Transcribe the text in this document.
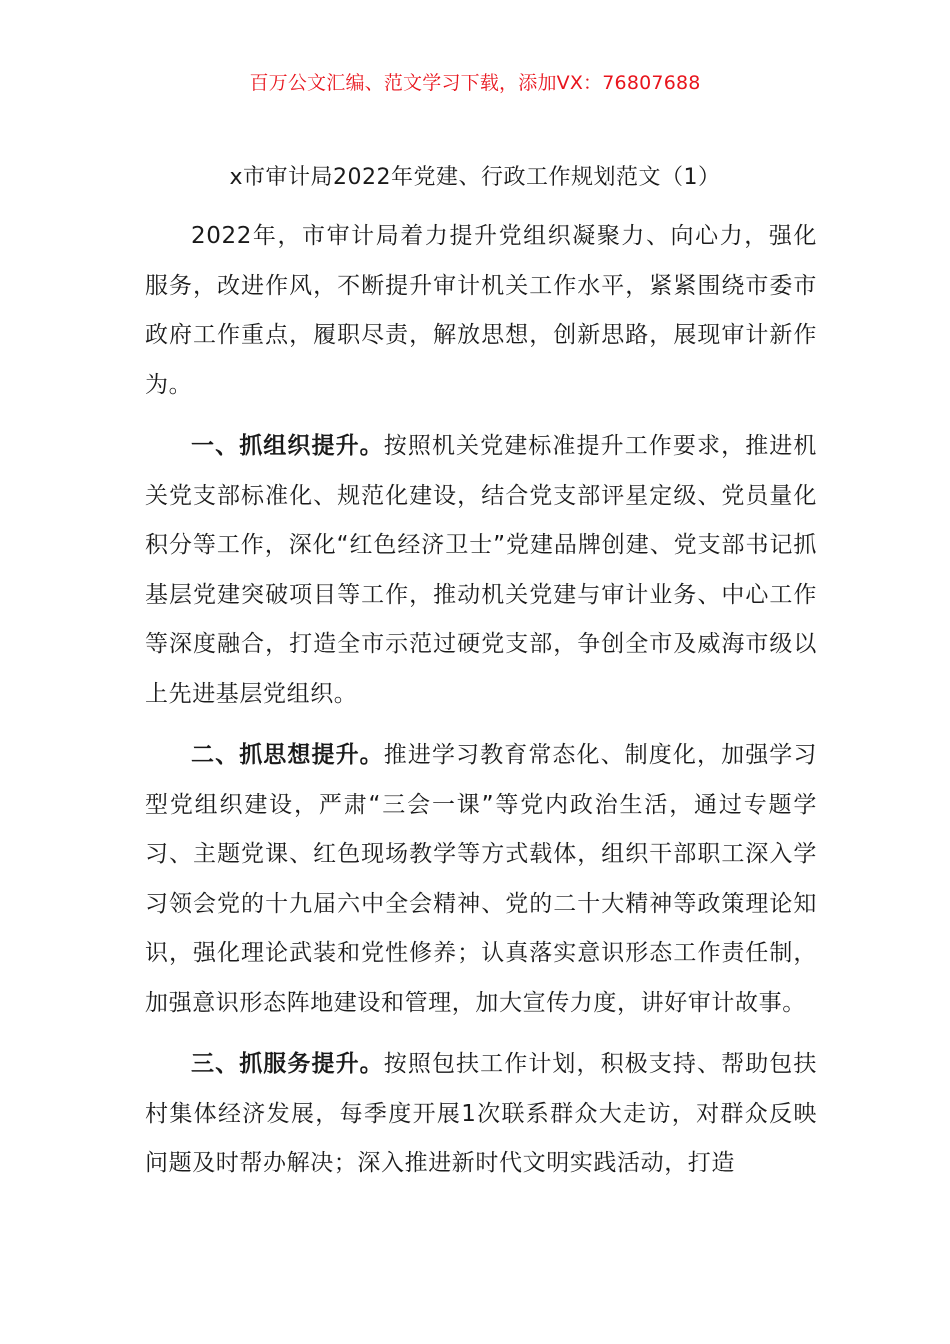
百万公文汇编、范文学习下载，添加VX：76807688
x市审计局2022年党建、行政工作规划范文（1）

2022年，市审计局着力提升党组织凝聚力、向心力，强化服务，改进作风，不断提升审计机关工作水平，紧紧围绕市委市政府工作重点，履职尽责，解放思想，创新思路，展现审计新作为。

一、抓组织提升。按照机关党建标准提升工作要求，推进机关党支部标准化、规范化建设，结合党支部评星定级、党员量化积分等工作，深化“红色经济卫士”党建品牌创建、党支部书记抓基层党建突破项目等工作，推动机关党建与审计业务、中心工作等深度融合，打造全市示范过硬党支部，争创全市及威海市级以上先进基层党组织。

二、抓思想提升。推进学习教育常态化、制度化，加强学习型党组织建设，严肃“三会一课”等党内政治生活，通过专题学习、主题党课、红色现场教学等方式载体，组织干部职工深入学习领会党的十九届六中全会精神、党的二十大精神等政策理论知识，强化理论武装和党性修养；认真落实意识形态工作责任制，加强意识形态阵地建设和管理，加大宣传力度，讲好审计故事。

三、抓服务提升。按照包扶工作计划，积极支持、帮助包扶村集体经济发展，每季度开展1次联系群众大走访，对群众反映问题及时帮办解决；深入推进新时代文明实践活动，打造
